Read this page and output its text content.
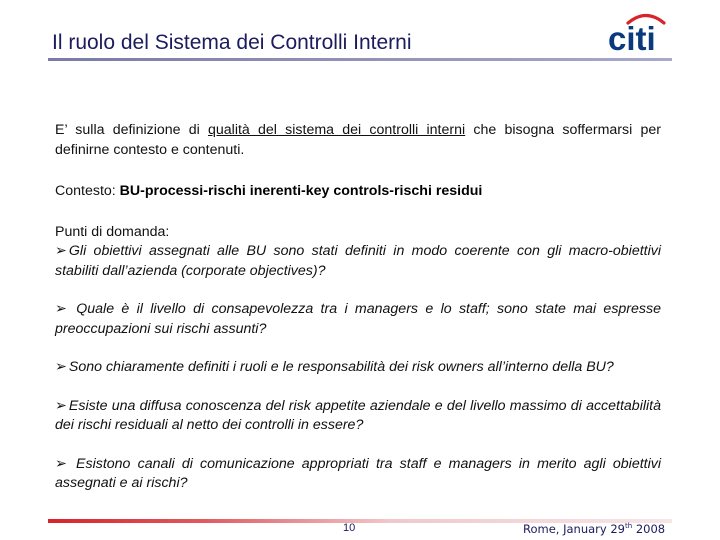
Il ruolo del Sistema dei Controlli Interni	citi

E’ sulla definizione di qualità del sistema dei controlli interni che bisogna soffermarsi per definirne contesto e contenuti.

Contesto: BU-processi-rischi inerenti-key controls-rischi residui

Punti di domanda:

➢ Gli obiettivi assegnati alle BU sono stati definiti in modo coerente con gli macro-obiettivi stabiliti dall’azienda (corporate objectives)?

➢ Quale è il livello di consapevolezza tra i managers e lo staff; sono state mai espresse preoccupazioni sui rischi assunti?

➢ Sono chiaramente definiti i ruoli e le responsabilità dei risk owners all’interno della BU?

➢ Esiste una diffusa conoscenza del risk appetite aziendale e del livello massimo di accettabilità dei rischi residuali al netto dei controlli in essere?

➢ Esistono canali di comunicazione appropriati tra staff e managers in merito agli obiettivi assegnati e ai rischi?

10	Rome, January 29th 2008
